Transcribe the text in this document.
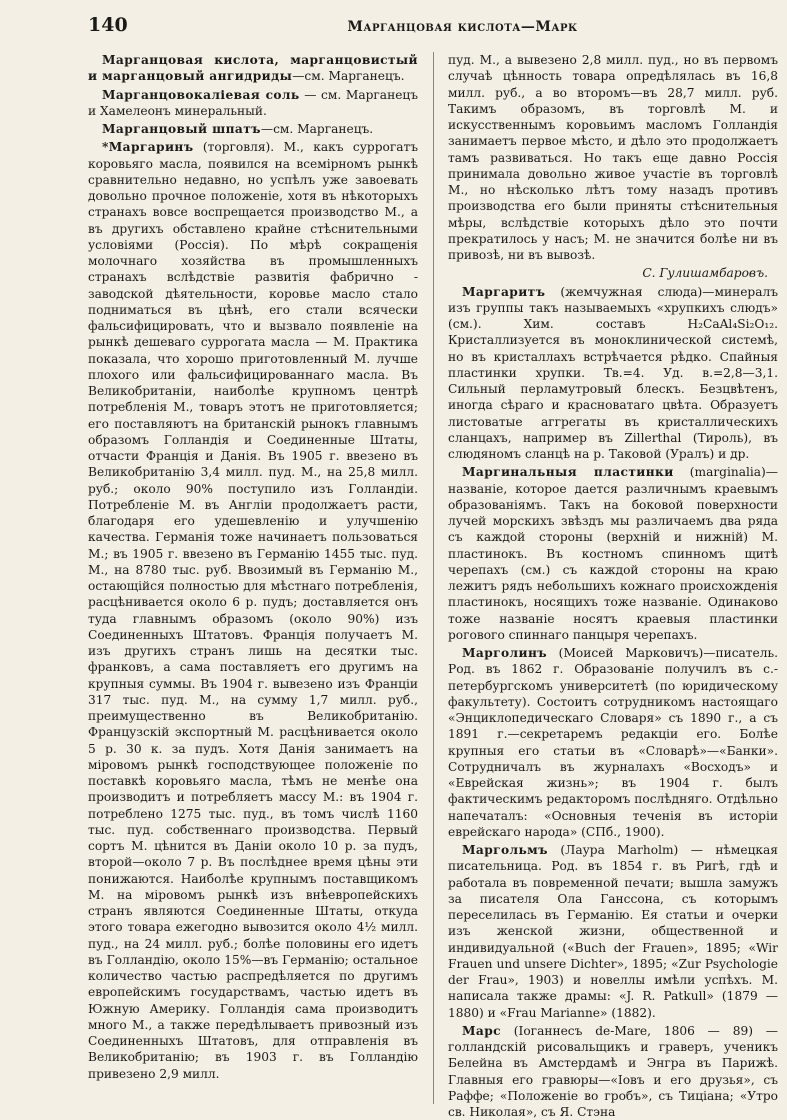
140	Марганцовая кислота—Марк

Марганцовая кислота, марганцовистый и марганцовый ангидриды—см. Марганецъ.

Марганцовокаліевая соль — см. Марганецъ и Хамелеонъ минеральный.

Марганцовый шпатъ—см. Марганецъ.

*Маргаринъ (торговля). М., какъ суррогатъ коровьяго масла, появился на всемірномъ рынкѣ сравнительно недавно, но успѣлъ уже завоевать довольно прочное положеніе, хотя въ нѣкоторыхъ странахъ вовсе воспрещается производство М., а въ другихъ обставлено крайне стѣснительными условіями (Россія). По мѣрѣ сокращенія молочнаго хозяйства въ промышленныхъ странахъ вслѣдствіе развитія фабрично - заводской дѣятельности, коровье масло стало подниматься въ цѣнѣ, его стали всячески фальсифицировать, что и вызвало появленіе на рынкѣ дешеваго суррогата масла — М. Практика показала, что хорошо приготовленный М. лучше плохого или фальсифицированнаго масла. Въ Великобританіи, наиболѣе крупномъ центрѣ потребленія М., товаръ этотъ не приготовляется; его поставляютъ на британскій рынокъ главнымъ образомъ Голландія и Соединенные Штаты, отчасти Франція и Данія. Въ 1905 г. ввезено въ Великобританію 3,4 милл. пуд. М., на 25,8 милл. руб.; около 90% поступило изъ Голландіи. Потребленіе М. въ Англіи продолжаетъ расти, благодаря его удешевленію и улучшенію качества. Германія тоже начинаетъ пользоваться М.; въ 1905 г. ввезено въ Германію 1455 тыс. пуд. М., на 8780 тыс. руб. Ввозимый въ Германію М., остающійся полностью для мѣстнаго потребленія, расцѣнивается около 6 р. пудъ; доставляется онъ туда главнымъ образомъ (около 90%) изъ Соединенныхъ Штатовъ. Франція получаетъ М. изъ другихъ странъ лишь на десятки тыс. франковъ, а сама поставляетъ его другимъ на крупныя суммы. Въ 1904 г. вывезено изъ Франціи 317 тыс. пуд. М., на сумму 1,7 милл. руб., преимущественно въ Великобританію. Французскій экспортный М. расцѣнивается около 5 р. 30 к. за пудъ. Хотя Данія занимаетъ на міровомъ рынкѣ господствующее положеніе по поставкѣ коровьяго масла, тѣмъ не менѣе она производитъ и потребляетъ массу М.: въ 1904 г. потреблено 1275 тыс. пуд., въ томъ числѣ 1160 тыс. пуд. собственнаго производства. Первый сортъ М. цѣнится въ Даніи около 10 р. за пудъ, второй—около 7 р. Въ послѣднее время цѣны эти понижаются. Наиболѣе крупнымъ поставщикомъ М. на міровомъ рынкѣ изъ внѣевропейскихъ странъ являются Соединенные Штаты, откуда этого товара ежегодно вывозится около 4½ милл. пуд., на 24 милл. руб.; болѣе половины его идетъ въ Голландію, около 15%—въ Германію; остальное количество частью распредѣляется по другимъ европейскимъ государствамъ, частью идетъ въ Южную Америку. Голландія сама производитъ много М., а также передѣлываетъ привозный изъ Соединенныхъ Штатовъ, для отправленія въ Великобританію; въ 1903 г. въ Голландію привезено 2,9 милл.

пуд. М., а вывезено 2,8 милл. пуд., но въ первомъ случаѣ цѣнность товара опредѣлялась въ 16,8 милл. руб., а во второмъ—въ 28,7 милл. руб. Такимъ образомъ, въ торговлѣ М. и искусственнымъ коровьимъ масломъ Голландія занимаетъ первое мѣсто, и дѣло это продолжаетъ тамъ развиваться. Но такъ еще давно Россія принимала довольно живое участіе въ торговлѣ М., но нѣсколько лѣтъ тому назадъ противъ производства его были приняты стѣснительныя мѣры, вслѣдствіе которыхъ дѣло это почти прекратилось у насъ; М. не значится болѣе ни въ привозѣ, ни въ вывозѣ.

С. Гулишамбаровъ.

Маргаритъ (жемчужная слюда)—минералъ изъ группы такъ называемыхъ «хрупкихъ слюдъ» (см.). Хим. составъ H₂CaAl₄Si₂O₁₂. Кристаллизуется въ моноклинической системѣ, но въ кристаллахъ встрѣчается рѣдко. Спайныя пластинки хрупки. Тв.=4. Уд. в.=2,8—3,1. Сильный перламутровый блескъ. Безцвѣтенъ, иногда сѣраго и красноватаго цвѣта. Образуетъ листоватые аггрегаты въ кристаллическихъ сланцахъ, например въ Zillerthal (Тироль), въ слюдяномъ сланцѣ на р. Таковой (Уралъ) и др.

Маргинальныя пластинки (marginalia)—названіе, которое дается различнымъ краевымъ образованіямъ. Такъ на боковой поверхности лучей морскихъ звѣздъ мы различаемъ два ряда съ каждой стороны (верхній и нижній) М. пластинокъ. Въ костномъ спинномъ щитѣ черепахъ (см.) съ каждой стороны на краю лежитъ рядъ небольшихъ кожнаго происхожденія пластинокъ, носящихъ тоже названіе. Одинаково тоже названіе носятъ краевыя пластинки рогового спиннаго панцыря черепахъ.

Марголинъ (Моисей Марковичъ)—писатель. Род. въ 1862 г. Образованіе получилъ въ с.-петербургскомъ университетѣ (по юридическому факультету). Состоитъ сотрудникомъ настоящаго «Энциклопедическаго Словаря» съ 1890 г., а съ 1891 г.—секретаремъ редакціи его. Болѣе крупныя его статьи въ «Словарѣ»—«Банки». Сотрудничалъ въ журналахъ «Восходъ» и «Еврейская жизнь»; въ 1904 г. былъ фактическимъ редакторомъ послѣдняго. Отдѣльно напечаталъ: «Основныя теченія въ исторіи еврейскаго народа» (СПб., 1900).

Маргольмъ (Лаура Marholm) — нѣмецкая писательница. Род. въ 1854 г. въ Ригѣ, гдѣ и работала въ повременной печати; вышла замужъ за писателя Ола Гансcона, съ которымъ переселилась въ Германію. Ея статьи и очерки изъ женской жизни, общественной и индивидуальной («Buch der Frauen», 1895; «Wir Frauen und unsere Dichter», 1895; «Zur Psychologie der Frau», 1903) и новеллы имѣли успѣхъ. М. написала также драмы: «J. R. Patkull» (1879 — 1880) и «Frau Marianne» (1882).

Марс (Іоганнесъ de-Mare, 1806 — 89) — голландскій рисовальщикъ и граверъ, ученикъ Белейна въ Амстердамѣ и Энгра въ Парижѣ. Главныя его гравюры—«Іовъ и его друзья», съ Раффе; «Положеніе во гробъ», съ Тиціана; «Утро св. Николая», съ Я. Стэна
